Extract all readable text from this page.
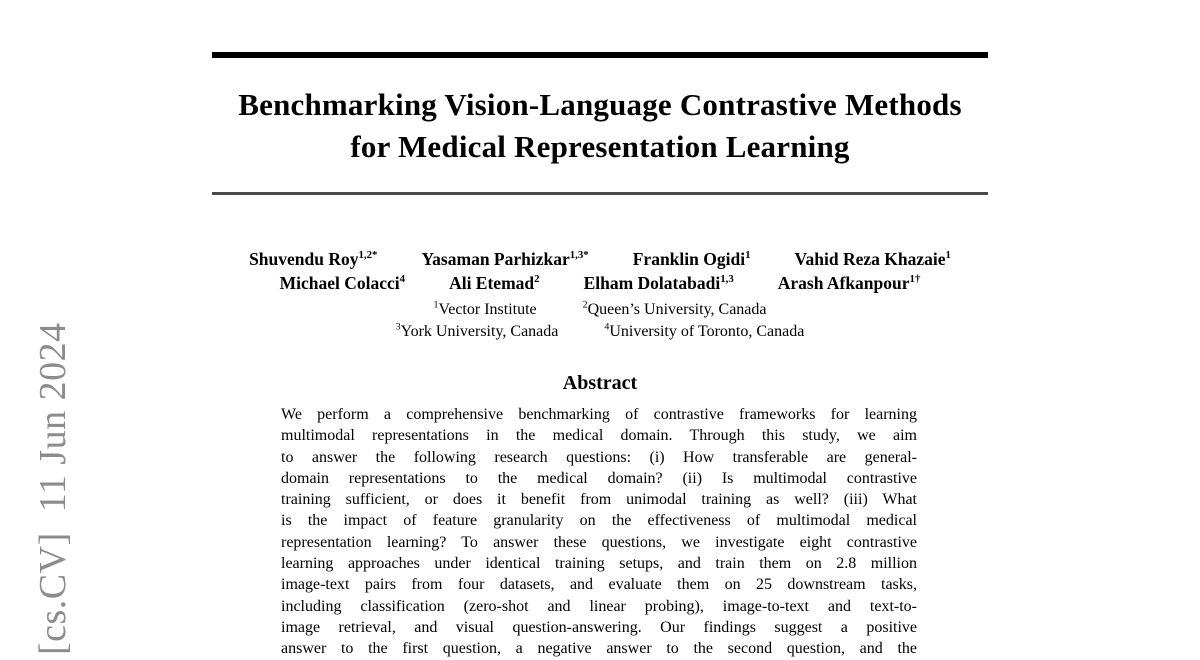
[cs.CV]  11 Jun 2024
Benchmarking Vision-Language Contrastive Methods
for Medical Representation Learning
Shuvendu Roy$^{1,2*}$	Yasaman Parhizkar$^{1,3*}$	Franklin Ogidi$^1$	Vahid Reza Khazaie$^1$
Michael Colacci$^4$	Ali Etemad$^2$	Elham Dolatabadi$^{1,3}$	Arash Afkanpour$^{1\dagger}$
$^1$Vector Institute	$^2$Queen’s University, Canada
$^3$York University, Canada	$^4$University of Toronto, Canada
Abstract
We perform a comprehensive benchmarking of contrastive frameworks for learning
multimodal representations in the medical domain. Through this study, we aim
to answer the following research questions: (i) How transferable are general-
domain representations to the medical domain? (ii) Is multimodal contrastive
training sufficient, or does it benefit from unimodal training as well? (iii) What
is the impact of feature granularity on the effectiveness of multimodal medical
representation learning? To answer these questions, we investigate eight contrastive
learning approaches under identical training setups, and train them on 2.8 million
image-text pairs from four datasets, and evaluate them on 25 downstream tasks,
including classification (zero-shot and linear probing), image-to-text and text-to-
image retrieval, and visual question-answering. Our findings suggest a positive
answer to the first question, a negative answer to the second question, and the
